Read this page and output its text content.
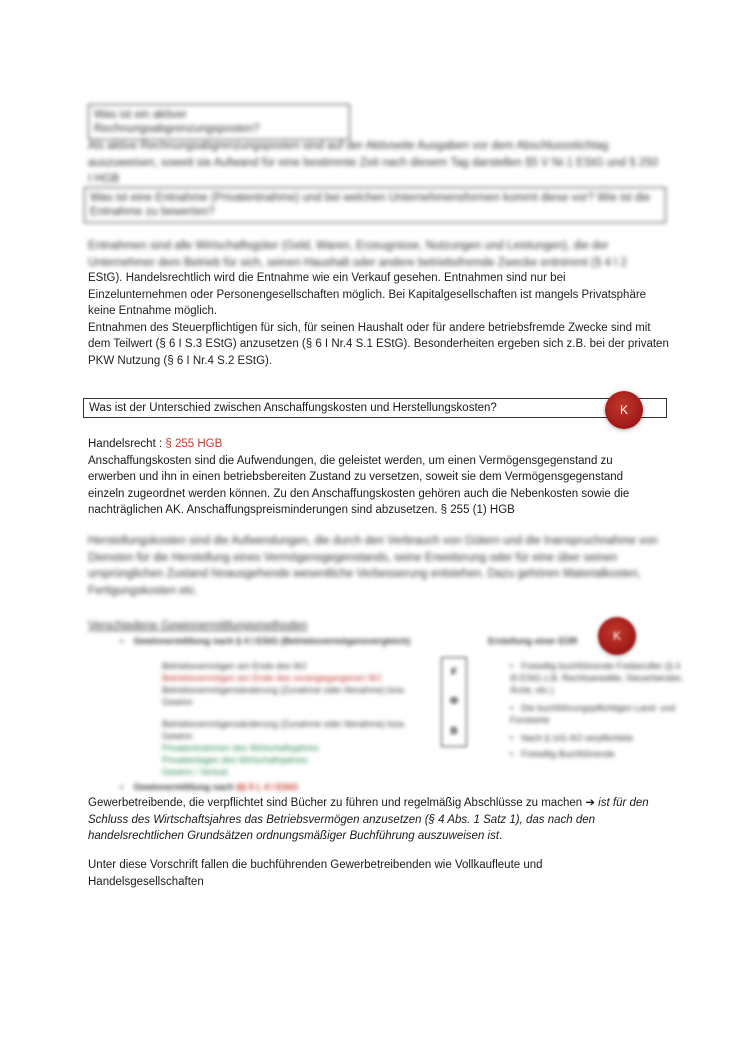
Was ist ein aktiver Rechnungsabgrenzungsposten?
Als aktive Rechnungsabgrenzungsposten sind auf der Aktivseite Ausgaben vor dem Abschlussstichtag auszuweisen, soweit sie Aufwand für eine bestimmte Zeit nach diesem Tag darstellen §5 V Nr.1 EStG und § 250 I HGB
Was ist eine Entnahme (Privatentnahme) und bei welchen Unternehmensformen kommt diese vor? Wie ist die Entnahme zu bewerten?
Entnahmen sind alle Wirtschaftsgüter (Geld, Waren, Erzeugnisse, Nutzungen und Leistungen), die der Unternehmer dem Betrieb für sich, seinen Haushalt oder andere betriebsfremde Zwecke entnimmt (§ 4 I 2
EStG). Handelsrechtlich wird die Entnahme wie ein Verkauf gesehen. Entnahmen sind nur bei
Einzelunternehmen oder Personengesellschaften möglich. Bei Kapitalgesellschaften ist mangels Privatsphäre
keine Entnahme möglich.
Entnahmen des Steuerpflichtigen für sich, für seinen Haushalt oder für andere betriebsfremde Zwecke sind mit
dem Teilwert (§ 6 I S.3 EStG) anzusetzen (§ 6 I Nr.4 S.1 EStG). Besonderheiten ergeben sich z.B. bei der privaten
PKW Nutzung (§ 6 I Nr.4 S.2 EStG).
Was ist der Unterschied zwischen Anschaffungskosten und Herstellungskosten?	K
Handelsrecht : § 255 HGB
Anschaffungskosten sind die Aufwendungen, die geleistet werden, um einen Vermögensgegenstand zu
erwerben und ihn in einen betriebsbereiten Zustand zu versetzen, soweit sie dem Vermögensgegenstand
einzeln zugeordnet werden können. Zu den Anschaffungskosten gehören auch die Nebenkosten sowie die
nachträglichen AK. Anschaffungspreisminderungen sind abzusetzen. § 255 (1) HGB
Herstellungskosten sind die Aufwendungen, die durch den Verbrauch von Gütern und die Inanspruchnahme von Diensten für die Herstellung eines Vermögensgegenstands, seine Erweiterung oder für eine über seinen ursprünglichen Zustand hinausgehende wesentliche Verbesserung entstehen. Dazu gehören Materialkosten, Fertigungskosten etc.
Verschiedene Gewinnermittlungsmethoden
• Gewinnermittlung nach § 4 I EStG (Betriebsvermögensvergleich)	Erstellung einer EÜR	K
Betriebsvermögen am Ende des WJ
Betriebsvermögen am Ende des vorangegangenen WJ
Betriebsvermögensänderung (Zunahme oder Abnahme) bzw. Gewinn
Betriebsvermögensänderung (Zunahme oder Abnahme) bzw. Gewinn
Privatentnahmen des Wirtschaftsjahres
Privateinlagen des Wirtschaftsjahres
Gewinn / Verlust
F
Ф
B
• Freiwillig buchführende Freiberufler (§ 4 III EStG z.B. Rechtsanwälte, Steuerberater, Ärzte, etc.)
• Die buchführungspflichtigen Land- und Forstwirte
• Nach § 141 AO verpflichtete
• Freiwillig Buchführende
• Gewinnermittlung nach §§ 5 I, 4 I EStG
Gewerbetreibende, die verpflichtet sind Bücher zu führen und regelmäßig Abschlüsse zu machen ➔ ist für den
Schluss des Wirtschaftsjahres das Betriebsvermögen anzusetzen (§ 4 Abs. 1 Satz 1), das nach den
handelsrechtlichen Grundsätzen ordnungsmäßiger Buchführung auszuweisen ist.
Unter diese Vorschrift fallen die buchführenden Gewerbetreibenden wie Vollkaufleute und
Handelsgesellschaften
